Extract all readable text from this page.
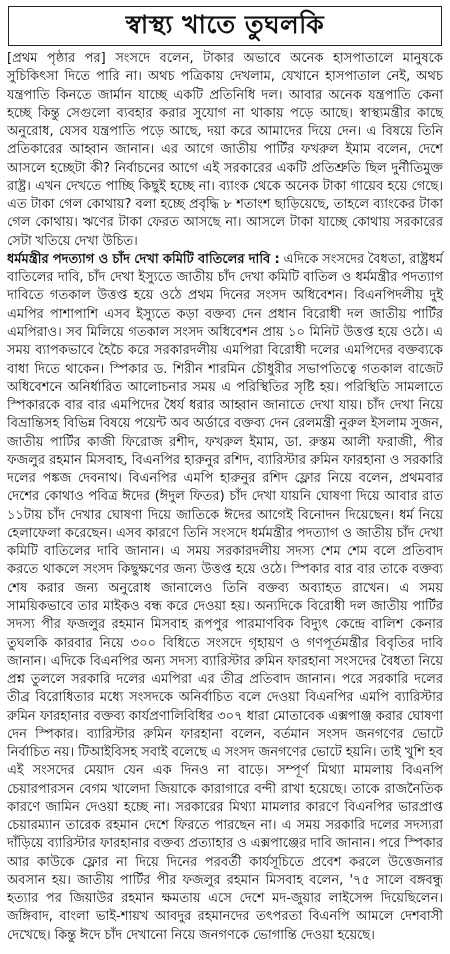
স্বাস্থ্য খাতে তুঘলকি

[প্রথম পৃষ্ঠার পর] সংসদে বলেন, টাকার অভাবে অনেক হাসপাতালে মানুষকে সুচিকিৎসা দিতে পারি না। অথচ পত্রিকায় দেখলাম, যেখানে হাসপাতাল নেই, অথচ যন্ত্রপাতি কিনতে জার্মান যাচ্ছে একটি প্রতিনিধি দল। আবার অনেক যন্ত্রপাতি কেনা হচ্ছে কিন্তু সেগুলো ব্যবহার করার সুযোগ না থাকায় পড়ে আছে। স্বাস্থ্যমন্ত্রীর কাছে অনুরোধ, যেসব যন্ত্রপাতি পড়ে আছে, দয়া করে আমাদের দিয়ে দেন। এ বিষয়ে তিনি প্রতিকারের আহ্বান জানান। এর আগে জাতীয় পার্টির ফখরুল ইমাম বলেন, দেশে আসলে হচ্ছেটা কী? নির্বাচনের আগে এই সরকারের একটি প্রতিশ্রুতি ছিল দুর্নীতিমুক্ত রাষ্ট্র। এখন দেখতে পাচ্ছি কিছুই হচ্ছে না। ব্যাংক থেকে অনেক টাকা গায়েব হয়ে গেছে। এত টাকা গেল কোথায়? বলা হচ্ছে প্রবৃদ্ধি ৮ শতাংশ ছাড়িয়েছে, তাহলে ব্যাংকের টাকা গেল কোথায়। ঋণের টাকা ফেরত আসছে না। আসলে টাকা যাচ্ছে কোথায় সরকারের সেটা খতিয়ে দেখা উচিত।

ধর্মমন্ত্রীর পদত্যাগ ও চাঁদ দেখা কমিটি বাতিলের দাবি : এদিকে সংসদের বৈধতা, রাষ্ট্রধর্ম বাতিলের দাবি, চাঁদ দেখা ইস্যুতে জাতীয় চাঁদ দেখা কমিটি বাতিল ও ধর্মমন্ত্রীর পদত্যাগ দাবিতে গতকাল উত্তপ্ত হয়ে ওঠে প্রথম দিনের সংসদ অধিবেশন। বিএনপিদলীয় দুই এমপির পাশাপাশি এসব ইস্যুতে কড়া বক্তব্য দেন প্রধান বিরোধী দল জাতীয় পার্টির এমপিরাও। সব মিলিয়ে গতকাল সংসদ অধিবেশন প্রায় ১০ মিনিট উত্তপ্ত হয়ে ওঠে। এ সময় ব্যাপকভাবে হৈচৈ করে সরকারদলীয় এমপিরা বিরোধী দলের এমপিদের বক্তব্যকে বাধা দিতে থাকেন। স্পিকার ড. শিরীন শারমিন চৌধুরীর সভাপতিত্বে গতকাল বাজেট অধিবেশনে অনির্ধারিত আলোচনার সময় এ পরিস্থিতির সৃষ্টি হয়। পরিস্থিতি সামলাতে স্পিকারকে বার বার এমপিদের ধৈর্য ধরার আহ্বান জানাতে দেখা যায়। চাঁদ দেখা নিয়ে বিভ্রান্তিসহ বিভিন্ন বিষয়ে পয়েন্ট অব অর্ডারে বক্তব্য দেন রেলমন্ত্রী নুরুল ইসলাম সুজন, জাতীয় পার্টির কাজী ফিরোজ রশীদ, ফখরুল ইমাম, ডা. রুস্তম আলী ফরাজী, পীর ফজলুর রহমান মিসবাহ, বিএনপির হারুনুর রশিদ, ব্যারিস্টার রুমিন ফারহানা ও সরকারি দলের পঙ্কজ দেবনাথ। বিএনপির এমপি হারুনুর রশিদ ফ্লোর নিয়ে বলেন, প্রথমবার দেশের কোথাও পবিত্র ঈদের (ঈদুল ফিতর) চাঁদ দেখা যায়নি ঘোষণা দিয়ে আবার রাত ১১টায় চাঁদ দেখার ঘোষণা দিয়ে জাতিকে ঈদের আগেই বিনোদন দিয়েছেন। ধর্ম নিয়ে হেলাফেলা করেছেন। এসব কারণে তিনি সংসদে ধর্মমন্ত্রীর পদত্যাগ ও জাতীয় চাঁদ দেখা কমিটি বাতিলের দাবি জানান। এ সময় সরকারদলীয় সদস্য শেম শেম বলে প্রতিবাদ করতে থাকলে সংসদ কিছুক্ষণের জন্য উত্তপ্ত হয়ে ওঠে। স্পিকার বার বার তাকে বক্তব্য শেষ করার জন্য অনুরোধ জানালেও তিনি বক্তব্য অব্যাহত রাখেন। এ সময় সাময়িকভাবে তার মাইকও বন্ধ করে দেওয়া হয়। অন্যদিকে বিরোধী দল জাতীয় পার্টির সদস্য পীর ফজলুর রহমান মিসবাহ রূপপুর পারমাণবিক বিদ্যুৎ কেন্দ্রে বালিশ কেনার তুঘলকি কারবার নিয়ে ৩০০ বিধিতে সংসদে গৃহায়ণ ও গণপূর্তমন্ত্রীর বিবৃতির দাবি জানান। এদিকে বিএনপির অন্য সদস্য ব্যারিস্টার রুমিন ফারহানা সংসদের বৈধতা নিয়ে প্রশ্ন তুললে সরকারি দলের এমপিরা এর তীব্র প্রতিবাদ জানান। পরে সরকারি দলের তীব্র বিরোধিতার মধ্যে সংসদকে অনির্বাচিত বলে দেওয়া বিএনপির এমপি ব্যারিস্টার রুমিন ফারহানার বক্তব্য কার্যপ্রণালিবিধির ৩০৭ ধারা মোতাবেক এক্সপাঞ্জ করার ঘোষণা দেন স্পিকার। ব্যারিস্টার রুমিন ফারহানা বলেন, বর্তমান সংসদ জনগণের ভোটে নির্বাচিত নয়। টিআইবিসহ সবাই বলেছে এ সংসদ জনগণের ভোটে হয়নি। তাই খুশি হব এই সংসদের মেয়াদ যেন এক দিনও না বাড়ে। সম্পূর্ণ মিথ্যা মামলায় বিএনপি চেয়ারপারসন বেগম খালেদা জিয়াকে কারাগারে বন্দী রাখা হয়েছে। তাকে রাজনৈতিক কারণে জামিন দেওয়া হচ্ছে না। সরকারের মিথ্যা মামলার কারণে বিএনপির ভারপ্রাপ্ত চেয়ারম্যান তারেক রহমান দেশে ফিরতে পারছেন না। এ সময় সরকারি দলের সদস্যরা দাঁড়িয়ে ব্যারিস্টার ফারহানার বক্তব্য প্রত্যাহার ও এক্সপাঞ্জের দাবি জানান। পরে স্পিকার আর কাউকে ফ্লোর না দিয়ে দিনের পরবর্তী কার্যসূচিতে প্রবেশ করলে উত্তেজনার অবসান হয়। জাতীয় পার্টির পীর ফজলুর রহমান মিসবাহ বলেন, '৭৫ সালে বঙ্গবন্ধু হত্যার পর জিয়াউর রহমান ক্ষমতায় এসে দেশে মদ-জুয়ার লাইসেন্স দিয়েছিলেন। জঙ্গিবাদ, বাংলা ভাই-শায়খ আবদুর রহমানদের তৎপরতা বিএনপি আমলে দেশবাসী দেখেছে। কিন্তু ঈদে চাঁদ দেখানো নিয়ে জনগণকে ভোগান্তি দেওয়া হয়েছে।
